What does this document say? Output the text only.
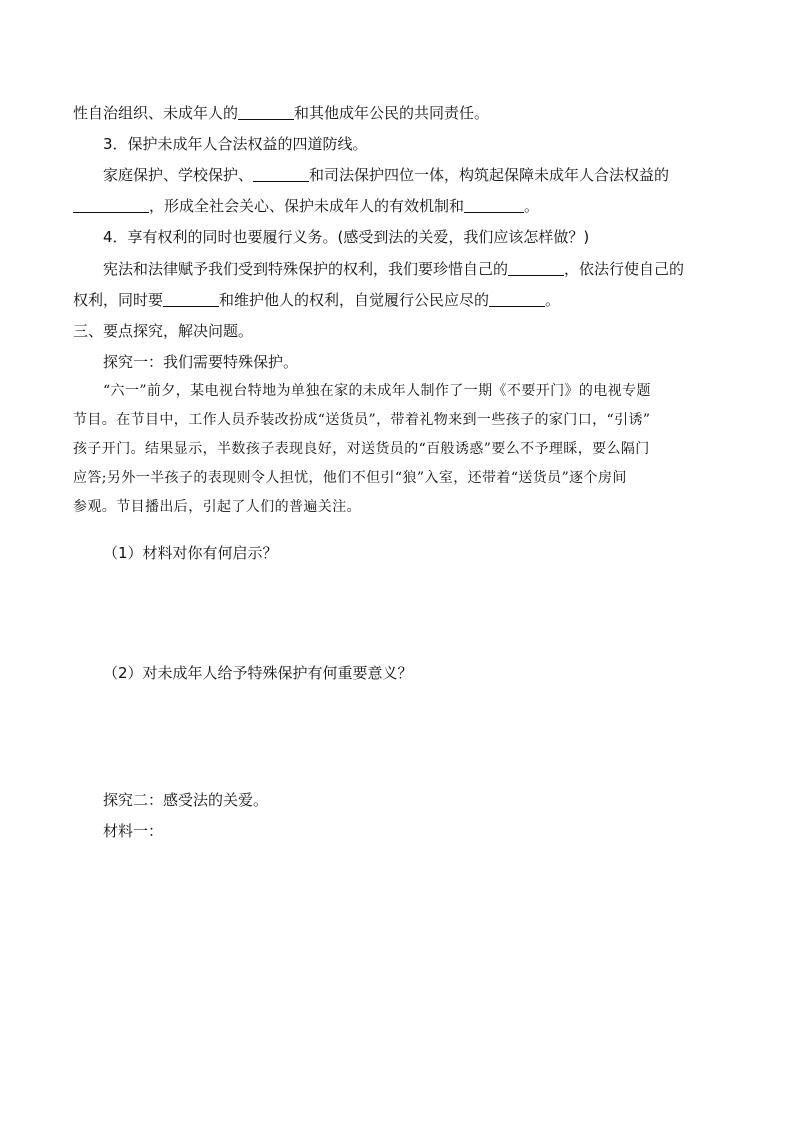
性自治组织、未成年人的	和其他成年公民的共同责任。

3．保护未成年人合法权益的四道防线。

家庭保护、学校保护、	和司法保护四位一体，构筑起保障未成年人合法权益的

，形成全社会关心、保护未成年人的有效机制和	。

4．享有权利的同时也要履行义务。(感受到法的关爱，我们应该怎样做？)

宪法和法律赋予我们受到特殊保护的权利，我们要珍惜自己的	，依法行使自己的

权利，同时要	和维护他人的权利，自觉履行公民应尽的	。

三、要点探究，解决问题。

探究一：我们需要特殊保护。

“六一”前夕，某电视台特地为单独在家的未成年人制作了一期《不要开门》的电视专题

节目。在节目中，工作人员乔装改扮成“送货员”，带着礼物来到一些孩子的家门口，“引诱”

孩子开门。结果显示，半数孩子表现良好，对送货员的“百般诱惑”要么不予理睬，要么隔门

应答;另外一半孩子的表现则令人担忧，他们不但引“狼”入室，还带着“送货员”逐个房间

参观。节目播出后，引起了人们的普遍关注。

（1）材料对你有何启示？

（2）对未成年人给予特殊保护有何重要意义？

探究二：感受法的关爱。

材料一：
